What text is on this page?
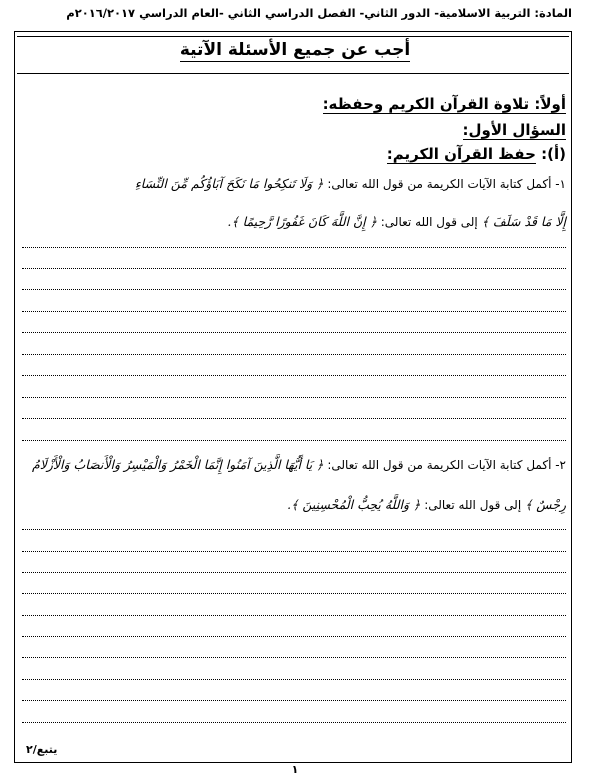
المادة: التربية الاسلامية- الدور الثاني- الفصل الدراسي الثاني -العام الدراسي ٢٠١٦/٢٠١٧م
أجب عن جميع الأسئلة الآتية
أولاً: تلاوة القرآن الكريم وحفظه:
السؤال الأول:
(أ): حفظ القرآن الكريم:
١- أكمل كتابة الآيات الكريمة من قول الله تعالى: ﴿ وَلَا تَنكِحُوا مَا نَكَحَ آبَاؤُكُم مِّنَ النِّسَاءِ
إِلَّا مَا قَدْ سَلَفَ ﴾ إلى قول الله تعالى: ﴿ إِنَّ اللَّهَ كَانَ غَفُورًا رَّحِيمًا ﴾.
٢- أكمل كتابة الآيات الكريمة من قول الله تعالى: ﴿ يَا أَيُّهَا الَّذِينَ آمَنُوا إِنَّمَا الْخَمْرُ وَالْمَيْسِرُ وَالْأَنصَابُ وَالْأَزْلَامُ
رِجْسٌ ﴾ إلى قول الله تعالى: ﴿ وَاللَّهُ يُحِبُّ الْمُحْسِنِينَ ﴾.
يتبع/٢
١
